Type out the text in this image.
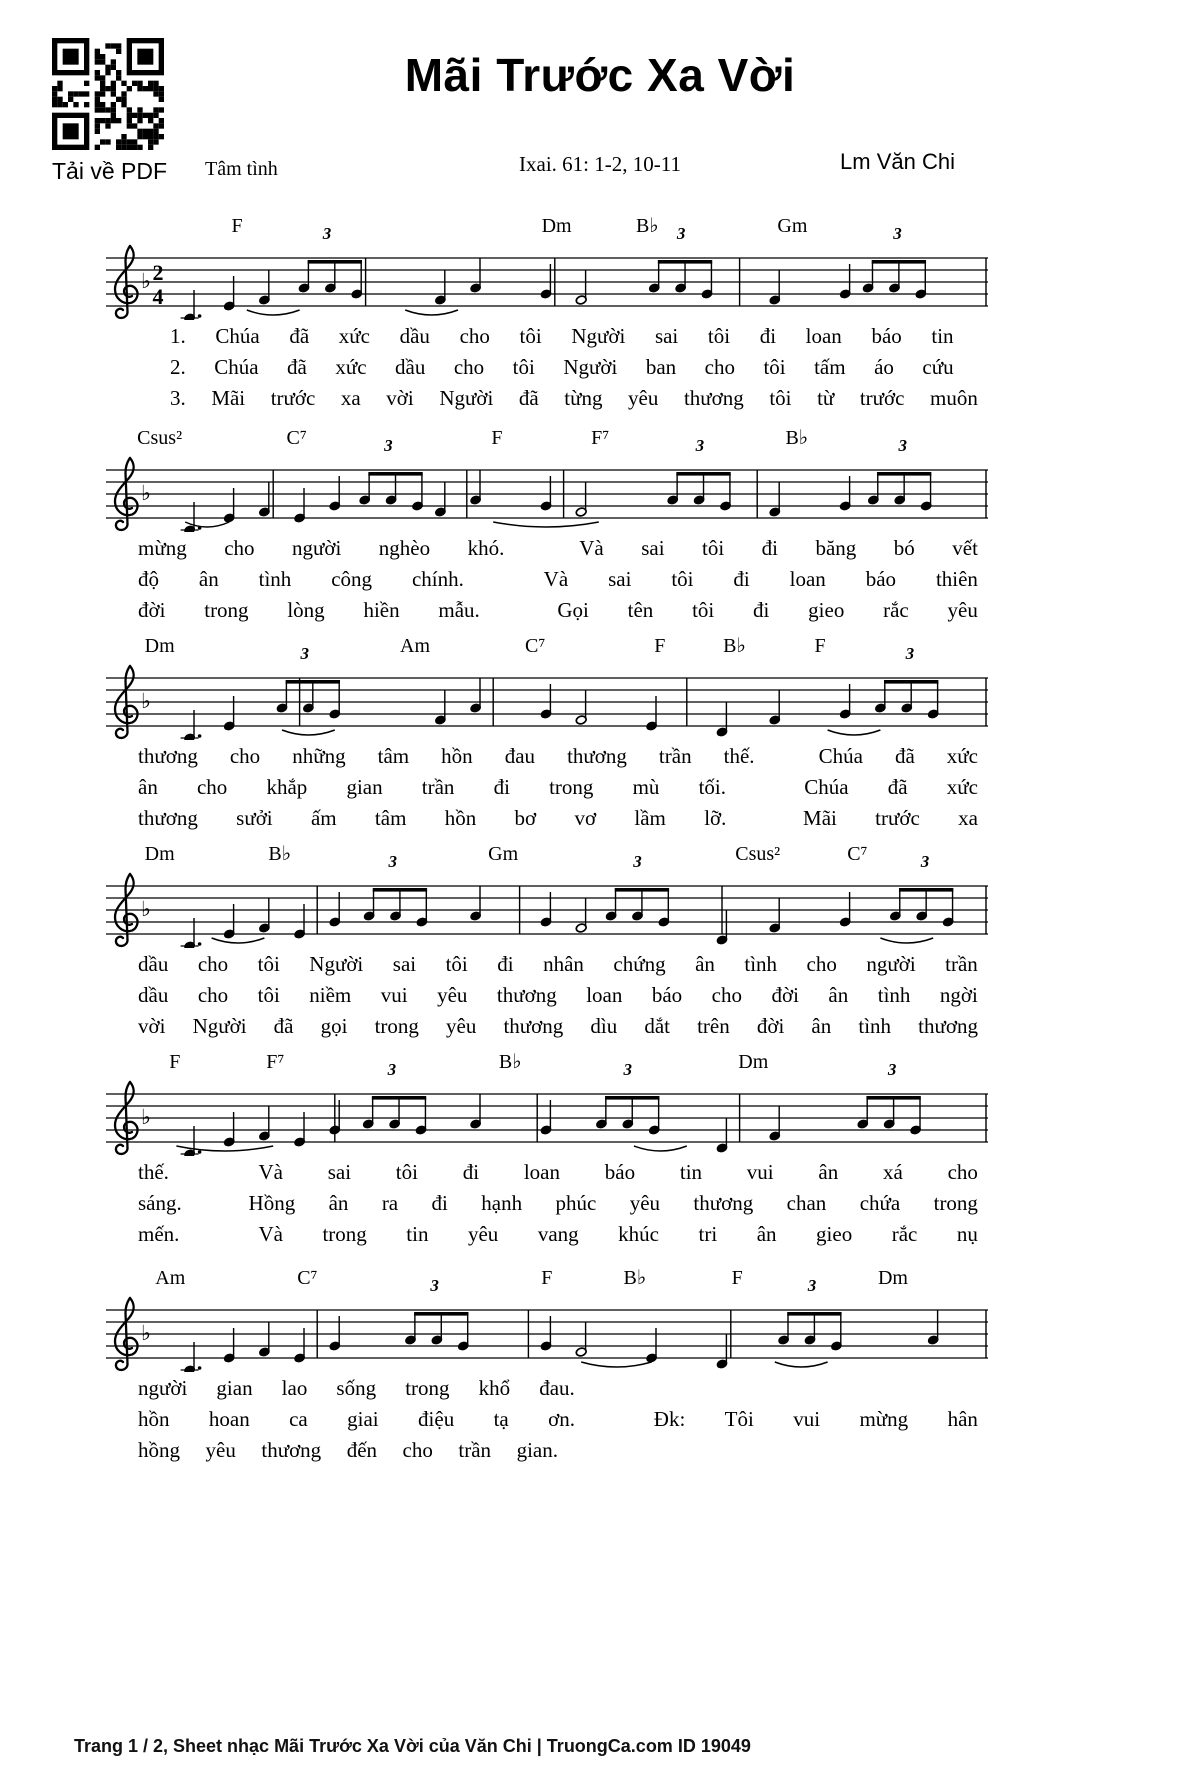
Tải về PDF
Mãi Trước Xa Vời
Tâm tình	Ixai. 61: 1-2, 10-11	Lm Văn Chi
F	3	Dm	B♭ 3	Gm	3
♭ 2
4
1. Chúa đã xức dầu cho tôi Người sai tôi đi loan báo tin
2. Chúa đã xức dầu cho tôi Người ban cho tôi tấm áo cứu
3. Mãi trước xa vời Người đã từng yêu thương tôi từ trước muôn
Csus²	C⁷	3	F	F⁷	3	B♭	3
♭
mừng cho người nghèo khó.	Và sai tôi đi băng bó vết
độ ân tình công chính.	Và sai tôi đi loan báo thiên
đời trong lòng hiền mẫu.	Gọi tên tôi đi gieo rắc yêu
Dm	3	Am	C⁷	F	B♭	F	3
♭
thương cho những tâm hồn đau thương trần thế.	Chúa đã xức
ân cho khắp gian trần đi trong mù tối.	Chúa đã xức
thương sưởi ấm tâm hồn bơ vơ lầm lỡ.	Mãi trước xa
Dm	B♭	3	Gm	3	Csus²	C⁷	3
♭
dầu cho tôi Người sai tôi đi nhân chứng ân tình cho người trần
dầu cho tôi niềm vui yêu thương loan báo cho đời ân tình ngời
vời Người đã gọi trong yêu thương dìu dắt trên đời ân tình thương
F	F⁷	3	B♭	3	Dm	3
♭
thế.	Và sai tôi đi loan báo tin vui ân xá cho
sáng.	Hồng ân ra đi hạnh phúc yêu thương chan chứa trong
mến.	Và trong tin yêu vang khúc tri ân gieo rắc nụ
Am	C⁷	3	F	B♭	F	3	Dm
♭
người gian lao sống trong khổ đau.
hồn hoan ca giai điệu tạ ơn.	Đk: Tôi vui mừng hân
hồng yêu thương đến cho trần gian.
Trang 1 / 2, Sheet nhạc Mãi Trước Xa Vời của Văn Chi | TruongCa.com ID 19049
